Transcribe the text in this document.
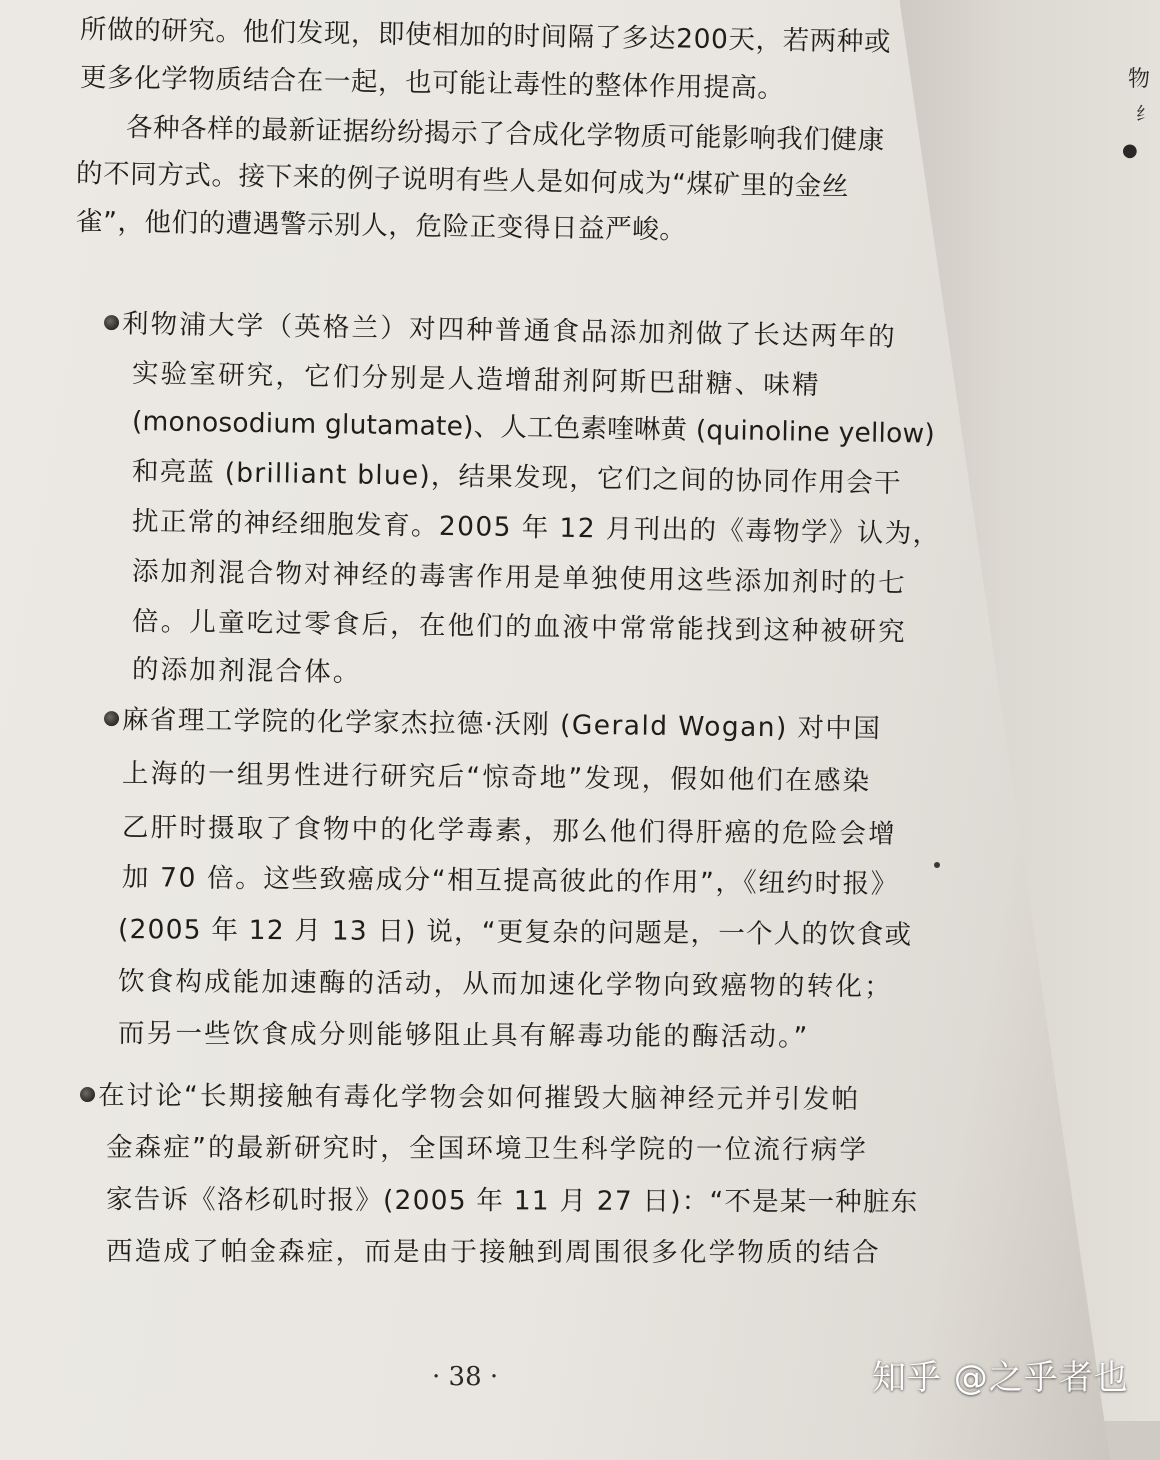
物
纟
●
所做的研究。他们发现，即使相加的时间隔了多达200天，若两种或
更多化学物质结合在一起，也可能让毒性的整体作用提高。
各种各样的最新证据纷纷揭示了合成化学物质可能影响我们健康
的不同方式。接下来的例子说明有些人是如何成为“煤矿里的金丝
雀”，他们的遭遇警示别人，危险正变得日益严峻。
利物浦大学（英格兰）对四种普通食品添加剂做了长达两年的
实验室研究，它们分别是人造增甜剂阿斯巴甜糖、味精
(monosodium glutamate)、人工色素喹啉黄 (quinoline yellow)
和亮蓝 (brilliant blue)，结果发现，它们之间的协同作用会干
扰正常的神经细胞发育。2005 年 12 月刊出的《毒物学》认为，
添加剂混合物对神经的毒害作用是单独使用这些添加剂时的七
倍。儿童吃过零食后，在他们的血液中常常能找到这种被研究
的添加剂混合体。
麻省理工学院的化学家杰拉德·沃刚 (Gerald Wogan) 对中国
上海的一组男性进行研究后“惊奇地”发现，假如他们在感染
乙肝时摄取了食物中的化学毒素，那么他们得肝癌的危险会增
加 70 倍。这些致癌成分“相互提高彼此的作用”，《纽约时报》
(2005 年 12 月 13 日) 说，“更复杂的问题是，一个人的饮食或
饮食构成能加速酶的活动，从而加速化学物向致癌物的转化；
而另一些饮食成分则能够阻止具有解毒功能的酶活动。”
在讨论“长期接触有毒化学物会如何摧毁大脑神经元并引发帕
金森症”的最新研究时，全国环境卫生科学院的一位流行病学
家告诉《洛杉矶时报》(2005 年 11 月 27 日)：“不是某一种脏东
西造成了帕金森症，而是由于接触到周围很多化学物质的结合
· 38 ·	知乎 @之乎者也
